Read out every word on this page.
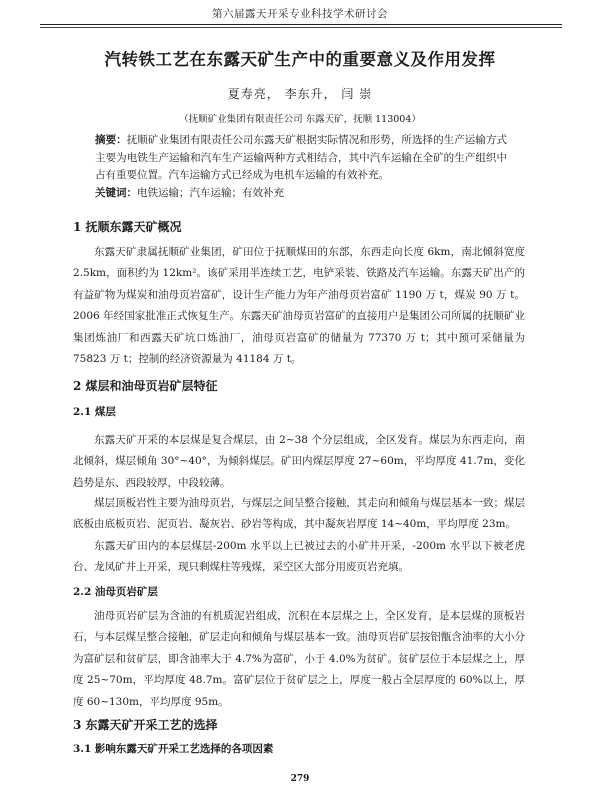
第六届露天开采专业科技学术研讨会
汽转铁工艺在东露天矿生产中的重要意义及作用发挥
夏寿亮， 李东升， 闫 崇
（抚顺矿业集团有限责任公司 东露天矿，抚顺 113004）
摘要：抚顺矿业集团有限责任公司东露天矿根据实际情况和形势，所选择的生产运输方式主要为电铁生产运输和汽车生产运输两种方式相结合，其中汽车运输在全矿的生产组织中占有重要位置。汽车运输方式已经成为电机车运输的有效补充。
关键词：电铁运输；汽车运输；有效补充
1 抚顺东露天矿概况

东露天矿隶属抚顺矿业集团，矿田位于抚顺煤田的东部，东西走向长度 6km，南北倾斜宽度 2.5km，面积约为 12km²。该矿采用半连续工艺，电铲采装、铁路及汽车运输。东露天矿出产的有益矿物为煤炭和油母页岩富矿，设计生产能力为年产油母页岩富矿 1190 万 t，煤炭 90 万 t。2006 年经国家批准正式恢复生产。东露天矿油母页岩富矿的直接用户是集团公司所属的抚顺矿业集团炼油厂和西露天矿坑口炼油厂，油母页岩富矿的储量为 77370 万 t；其中预可采储量为 75823 万 t；控制的经济资源量为 41184 万 t。

2 煤层和油母页岩矿层特征
2.1 煤层

东露天矿开采的本层煤是复合煤层，由 2~38 个分层组成，全区发育。煤层为东西走向，南北倾斜，煤层倾角 30°~40°，为倾斜煤层。矿田内煤层厚度 27~60m，平均厚度 41.7m，变化趋势是东、西段较厚，中段较薄。

煤层顶板岩性主要为油母页岩，与煤层之间呈整合接触，其走向和倾角与煤层基本一致；煤层底板由底板页岩、泥页岩、凝灰岩、砂岩等构成，其中凝灰岩厚度 14~40m，平均厚度 23m。

东露天矿田内的本层煤层-200m 水平以上已被过去的小矿井开采，-200m 水平以下被老虎台、龙凤矿井上开采，现只剩煤柱等残煤，采空区大部分用废页岩充填。

2.2 油母页岩矿层

油母页岩矿层为含油的有机质泥岩组成，沉积在本层煤之上，全区发育，是本层煤的顶板岩石，与本层煤呈整合接触，矿层走向和倾角与煤层基本一致。油母页岩矿层按铝甑含油率的大小分为富矿层和贫矿层，即含油率大于 4.7%为富矿，小于 4.0%为贫矿。贫矿层位于本层煤之上，厚度 25~70m，平均厚度 48.7m。富矿层位于贫矿层之上，厚度一般占全层厚度的 60%以上，厚度 60~130m，平均厚度 95m。

3 东露天矿开采工艺的选择
3.1 影响东露天矿开采工艺选择的各项因素
279
